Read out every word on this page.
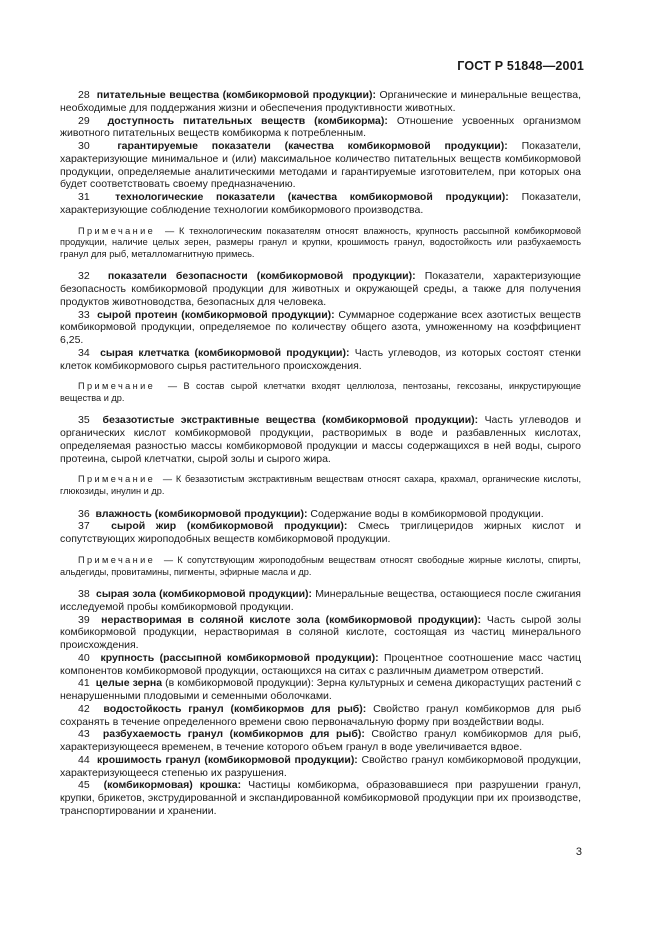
ГОСТ Р 51848—2001

28 питательные вещества (комбикормовой продукции): Органические и минеральные вещества, необходимые для поддержания жизни и обеспечения продуктивности животных.

29 доступность питательных веществ (комбикорма): Отношение усвоенных организмом животного питательных веществ комбикорма к потребленным.

30	гарантируемые показатели (качества комбикормовой продукции): Показатели, характеризующие минимальное и (или) максимальное количество питательных веществ комбикормовой продукции, определяемые аналитическими методами и гарантируемые изготовителем, при которых она будет соответствовать своему предназначению.

31 технологические показатели (качества комбикормовой продукции): Показатели, характеризующие соблюдение технологии комбикормового производства.

Примечание — К технологическим показателям относят влажность, крупность рассыпной комбикормовой продукции, наличие целых зерен, размеры гранул и крупки, крошимость гранул, водостойкость или разбухаемость гранул для рыб, металломагнитную примесь.

32 показатели безопасности (комбикормовой продукции): Показатели, характеризующие безопасность комбикормовой продукции для животных и окружающей среды, а также для получения продуктов животноводства, безопасных для человека.

33 сырой протеин (комбикормовой продукции): Суммарное содержание всех азотистых веществ комбикормовой продукции, определяемое по количеству общего азота, умноженному на коэффициент 6,25.

34 сырая клетчатка (комбикормовой продукции): Часть углеводов, из которых состоят стенки клеток комбикормового сырья растительного происхождения.

Примечание — В состав сырой клетчатки входят целлюлоза, пентозаны, гексозаны, инкрустирующие вещества и др.

35 безазотистые экстрактивные вещества (комбикормовой продукции): Часть углеводов и органических кислот комбикормовой продукции, растворимых в воде и разбавленных кислотах, определяемая разностью массы комбикормовой продукции и массы содержащихся в ней воды, сырого протеина, сырой клетчатки, сырой золы и сырого жира.

Примечание — К безазотистым экстрактивным веществам относят сахара, крахмал, органические кислоты, глюкозиды, инулин и др.

36 влажность (комбикормовой продукции): Содержание воды в комбикормовой продукции.

37 сырой жир (комбикормовой продукции): Смесь триглицеридов жирных кислот и сопутствующих жироподобных веществ комбикормовой продукции.

Примечание — К сопутствующим жироподобным веществам относят свободные жирные кислоты, спирты, альдегиды, провитамины, пигменты, эфирные масла и др.

38 сырая зола (комбикормовой продукции): Минеральные вещества, остающиеся после сжигания исследуемой пробы комбикормовой продукции.

39 нерастворимая в соляной кислоте зола (комбикормовой продукции): Часть сырой золы комбикормовой продукции, нерастворимая в соляной кислоте, состоящая из частиц минерального происхождения.

40 крупность (рассыпной комбикормовой продукции): Процентное соотношение масс частиц компонентов комбикормовой продукции, остающихся на ситах с различным диаметром отверстий.

41 целые зерна (в комбикормовой продукции): Зерна культурных и семена дикорастущих растений с ненарушенными плодовыми и семенными оболочками.

42 водостойкость гранул (комбикормов для рыб): Свойство гранул комбикормов для рыб сохранять в течение определенного времени свою первоначальную форму при воздействии воды.

43 разбухаемость гранул (комбикормов для рыб): Свойство гранул комбикормов для рыб, характеризующееся временем, в течение которого объем гранул в воде увеличивается вдвое.

44 крошимость гранул (комбикормовой продукции): Свойство гранул комбикормовой продукции, характеризующееся степенью их разрушения.

45 (комбикормовая) крошка: Частицы комбикорма, образовавшиеся при разрушении гранул, крупки, брикетов, экструдированной и экспандированной комбикормовой продукции при их производстве, транспортировании и хранении.

3
